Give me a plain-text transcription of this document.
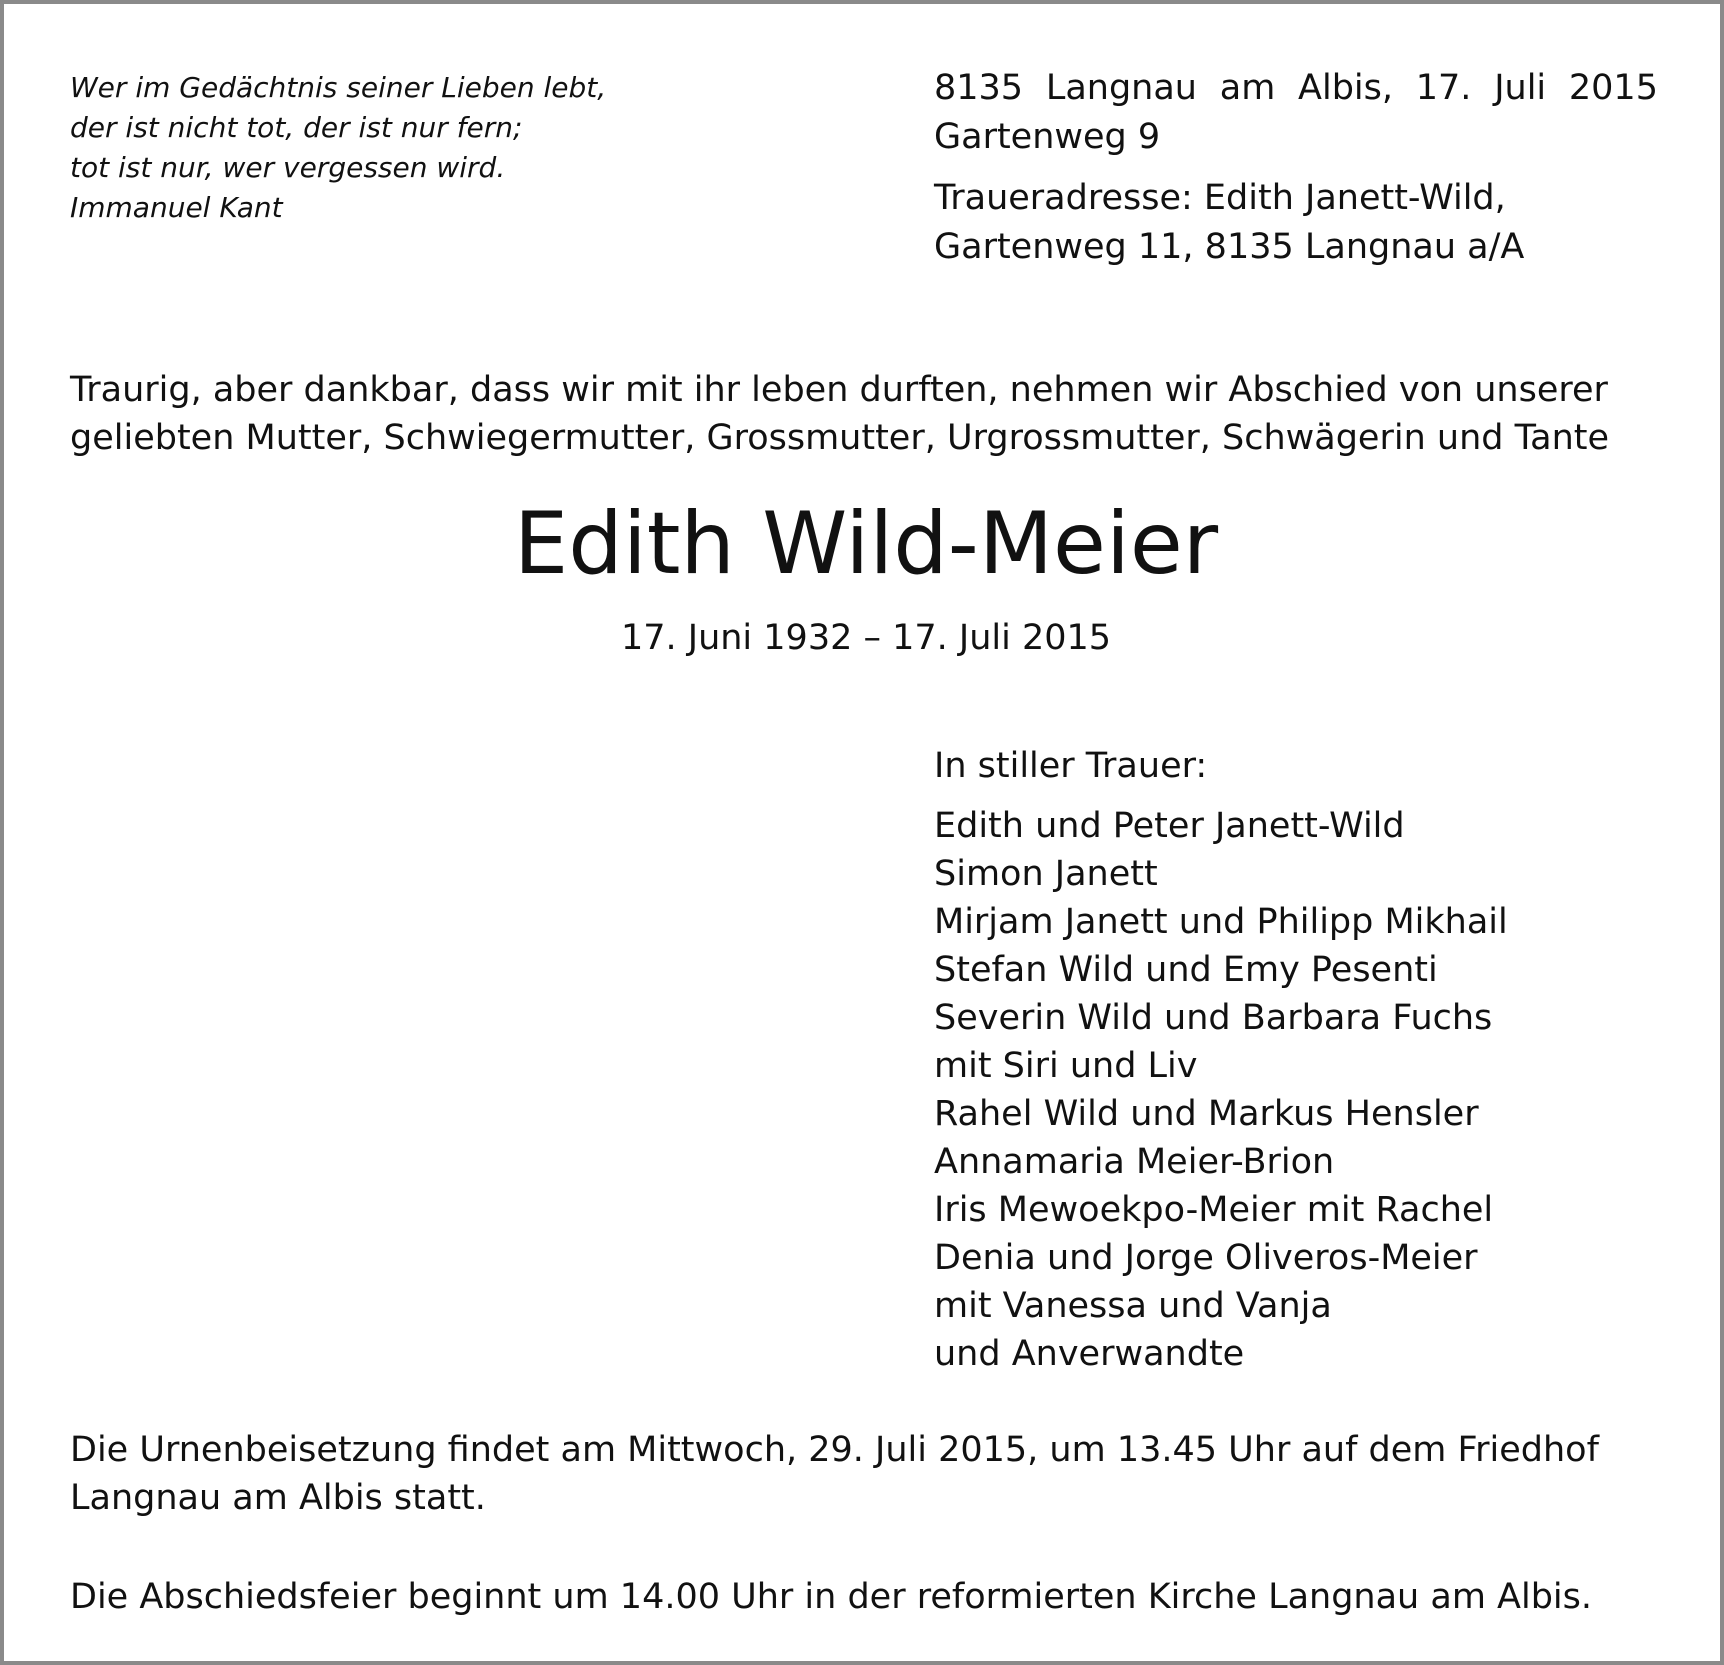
Wer im Gedächtnis seiner Lieben lebt,
der ist nicht tot, der ist nur fern;
tot ist nur, wer vergessen wird.
Immanuel Kant
8135 Langnau am Albis, 17. Juli 2015
Gartenweg 9
Traueradresse: Edith Janett-Wild,
Gartenweg 11, 8135 Langnau a/A
Traurig, aber dankbar, dass wir mit ihr leben durften, nehmen wir Abschied von unserer
geliebten Mutter, Schwiegermutter, Grossmutter, Urgrossmutter, Schwägerin und Tante
Edith Wild-Meier
17. Juni 1932 – 17. Juli 2015
In stiller Trauer:
Edith und Peter Janett-Wild
Simon Janett
Mirjam Janett und Philipp Mikhail
Stefan Wild und Emy Pesenti
Severin Wild und Barbara Fuchs
mit Siri und Liv
Rahel Wild und Markus Hensler
Annamaria Meier-Brion
Iris Mewoekpo-Meier mit Rachel
Denia und Jorge Oliveros-Meier
mit Vanessa und Vanja
und Anverwandte
Die Urnenbeisetzung findet am Mittwoch, 29. Juli 2015, um 13.45 Uhr auf dem Friedhof
Langnau am Albis statt.
Die Abschiedsfeier beginnt um 14.00 Uhr in der reformierten Kirche Langnau am Albis.
